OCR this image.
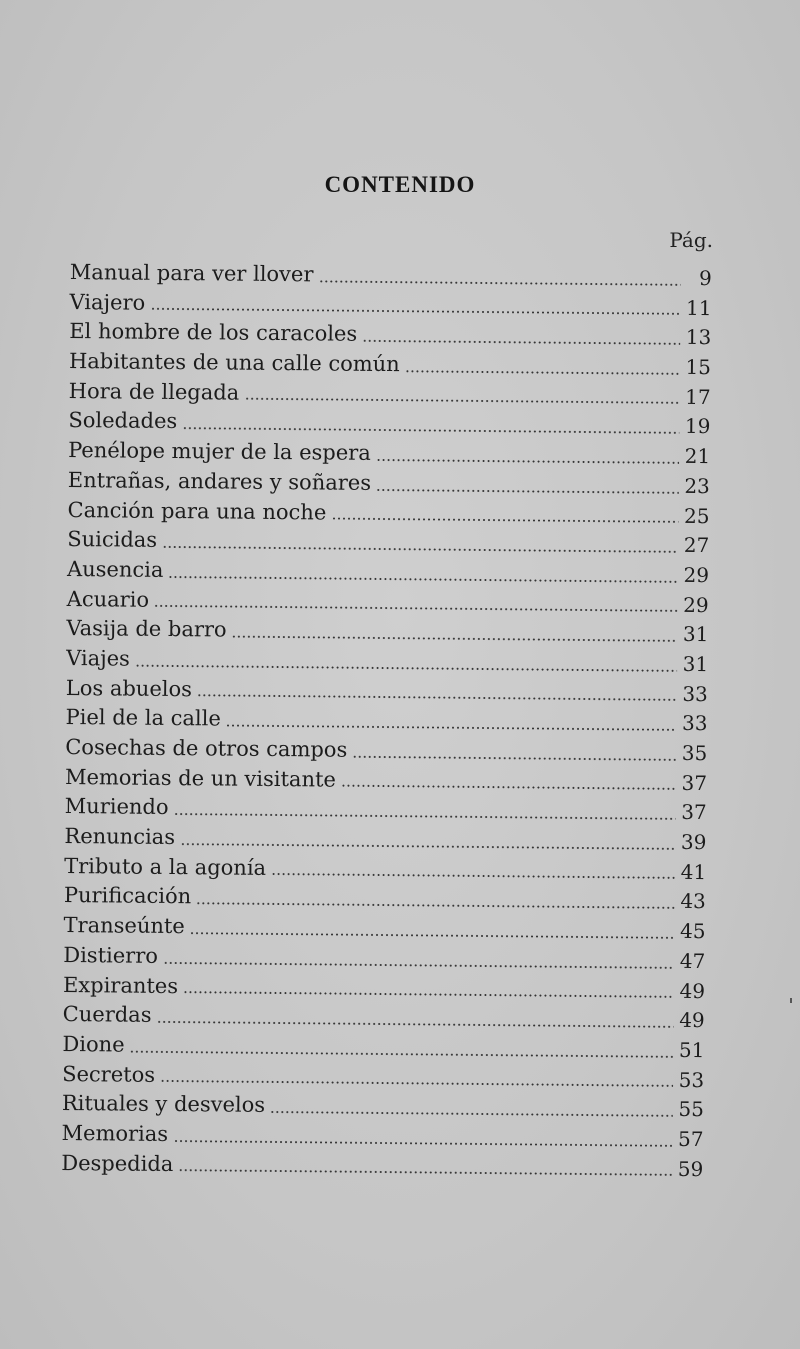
CONTENIDO
Pág.
Manual para ver llover	9
Viajero	11
El hombre de los caracoles	13
Habitantes de una calle común	15
Hora de llegada	17
Soledades	19
Penélope mujer de la espera	21
Entrañas, andares y soñares	23
Canción para una noche	25
Suicidas	27
Ausencia	29
Acuario	29
Vasija de barro	31
Viajes	31
Los abuelos	33
Piel de la calle	33
Cosechas de otros campos	35
Memorias de un visitante	37
Muriendo	37
Renuncias	39
Tributo a la agonía	41
Purificación	43
Transeúnte	45
Distierro	47
Expirantes	49
Cuerdas	49
Dione	51
Secretos	53
Rituales y desvelos	55
Memorias	57
Despedida	59
